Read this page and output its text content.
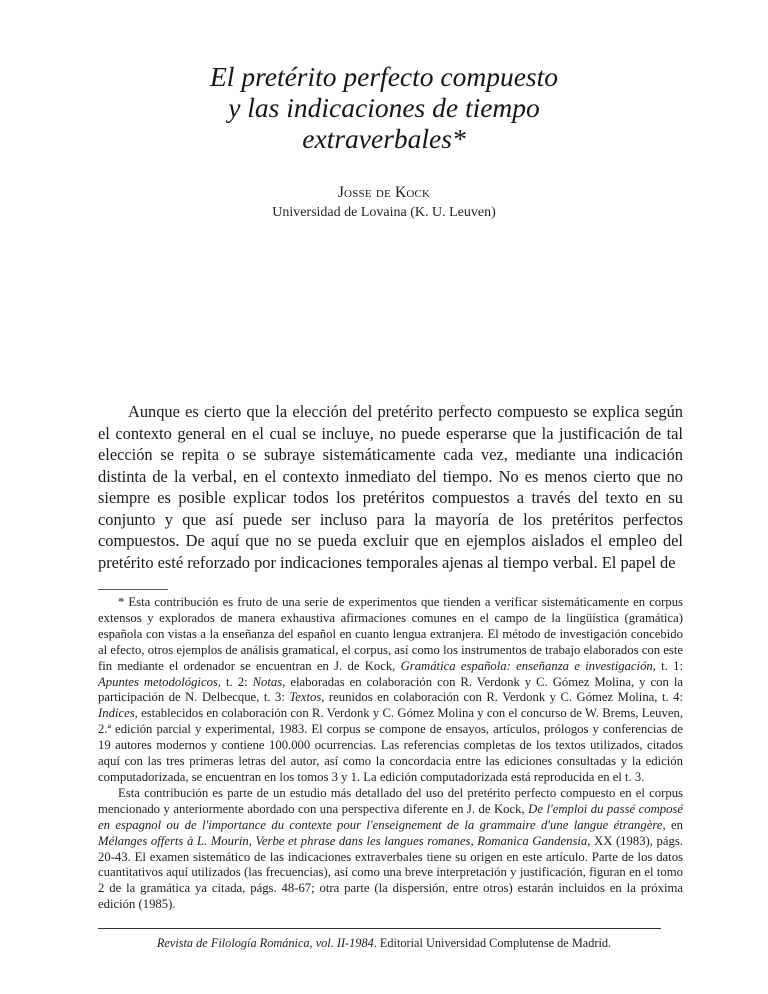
El pretérito perfecto compuesto
y las indicaciones de tiempo
extraverbales*
Josse de Kock
Universidad de Lovaina (K. U. Leuven)

Aunque es cierto que la elección del pretérito perfecto compuesto se explica según el contexto general en el cual se incluye, no puede esperarse que la justificación de tal elección se repita o se subraye sistemáticamente cada vez, mediante una indicación distinta de la verbal, en el contexto inmediato del tiempo. No es menos cierto que no siempre es posible explicar todos los pretéritos compuestos a través del texto en su conjunto y que así puede ser incluso para la mayoría de los pretéritos perfectos compuestos. De aquí que no se pueda excluir que en ejemplos aislados el empleo del pretérito esté reforzado por indicaciones temporales ajenas al tiempo verbal. El papel de

* Esta contribución es fruto de una serie de experimentos que tienden a verificar sistemáticamente en corpus extensos y explorados de manera exhaustiva afirmaciones comunes en el campo de la lingüística (gramática) española con vistas a la enseñanza del español en cuanto lengua extranjera. El método de investigación concebido al efecto, otros ejemplos de análisis gramatical, el corpus, así como los instrumentos de trabajo elaborados con este fin mediante el ordenador se encuentran en J. de Kock, Gramática española: enseñanza e investigación, t. 1: Apuntes metodológicos, t. 2: Notas, elaboradas en colaboración con R. Verdonk y C. Gómez Molina, y con la participación de N. Delbecque, t. 3: Textos, reunidos en colaboración con R. Verdonk y C. Gómez Molina, t. 4: Indices, establecidos en colaboración con R. Verdonk y C. Gómez Molina y con el concurso de W. Brems, Leuven, 2.ª edición parcial y experimental, 1983. El corpus se compone de ensayos, artículos, prólogos y conferencias de 19 autores modernos y contiene 100.000 ocurrencias. Las referencias completas de los textos utilizados, citados aquí con las tres primeras letras del autor, así como la concordacia entre las ediciones consultadas y la edición computadorizada, se encuentran en los tomos 3 y 1. La edición computadorizada está reproducida en el t. 3.

Esta contribución es parte de un estudio más detallado del uso del pretérito perfecto compuesto en el corpus mencionado y anteriormente abordado con una perspectiva diferente en J. de Kock, De l'emploi du passé composé en espagnol ou de l'importance du contexte pour l'enseignement de la grammaire d'une langue étrangère, en Mélanges offerts à L. Mourin, Verbe et phrase dans les langues romanes, Romanica Gandensia, XX (1983), págs. 20-43. El examen sistemático de las indicaciones extraverbales tiene su origen en este artículo. Parte de los datos cuantitativos aquí utilizados (las frecuencias), así como una breve interpretación y justificación, figuran en el tomo 2 de la gramática ya citada, págs. 48-67; otra parte (la dispersión, entre otros) estarán incluidos en la próxima edición (1985).

Revista de Filología Románica, vol. II-1984. Editorial Universidad Complutense de Madrid.
